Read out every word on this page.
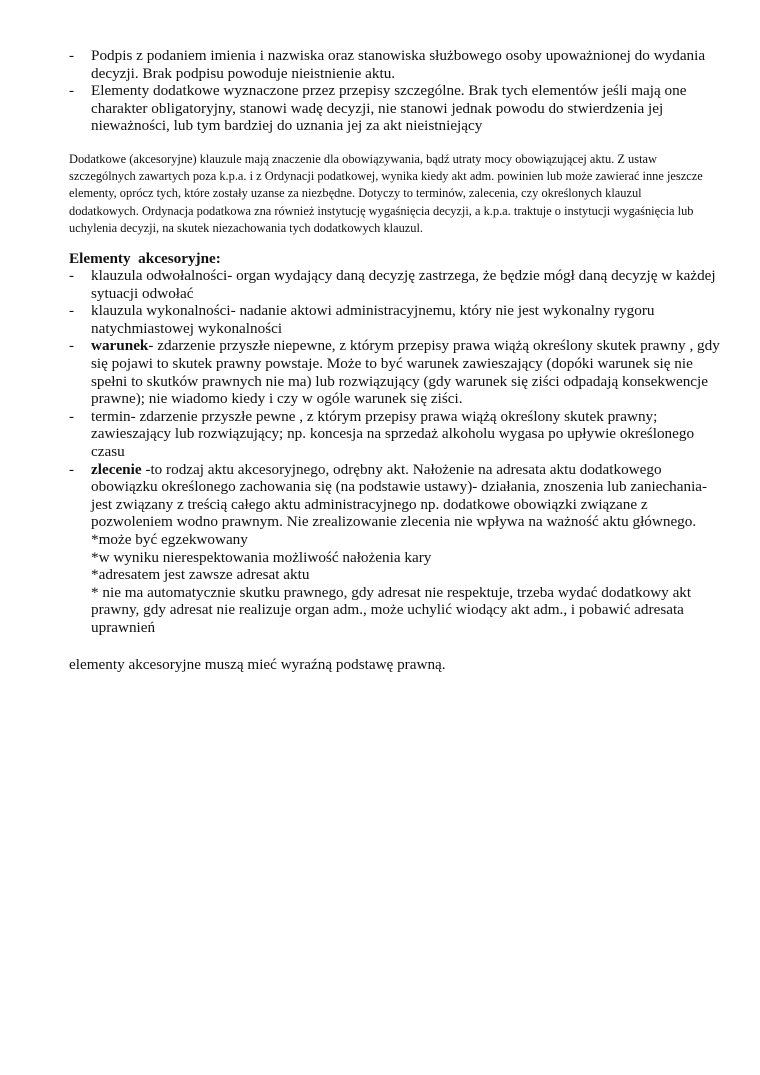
- Podpis z podaniem imienia i nazwiska oraz stanowiska służbowego osoby upoważnionej do wydania decyzji. Brak podpisu powoduje nieistnienie aktu.
- Elementy dodatkowe wyznaczone przez przepisy szczególne. Brak tych elementów jeśli mają one charakter obligatoryjny, stanowi wadę decyzji, nie stanowi jednak powodu do stwierdzenia jej nieważności, lub tym bardziej do uznania jej za akt nieistniejący

Dodatkowe (akcesoryjne) klauzule mają znaczenie dla obowiązywania, bądź utraty mocy obowiązującej aktu. Z ustaw szczególnych zawartych poza k.p.a. i z Ordynacji podatkowej, wynika kiedy akt adm. powinien lub może zawierać inne jeszcze elementy, oprócz tych, które zostały uzanse za niezbędne. Dotyczy to terminów, zalecenia, czy określonych klauzul dodatkowych. Ordynacja podatkowa zna również instytucję wygaśnięcia decyzji, a k.p.a. traktuje o instytucji wygaśnięcia lub uchylenia decyzji, na skutek niezachowania tych dodatkowych klauzul.

Elementy  akcesoryjne:
- klauzula odwołalności- organ wydający daną decyzję zastrzega, że będzie mógł daną decyzję w każdej sytuacji odwołać
- klauzula wykonalności- nadanie aktowi administracyjnemu, który nie jest wykonalny rygoru natychmiastowej wykonalności
- warunek- zdarzenie przyszłe niepewne, z którym przepisy prawa wiążą określony skutek prawny , gdy się pojawi to skutek prawny powstaje. Może to być warunek zawieszający (dopóki warunek się nie spełni to skutków prawnych nie ma) lub rozwiązujący (gdy warunek się ziści odpadają konsekwencje prawne); nie wiadomo kiedy i czy w ogóle warunek się ziści.
- termin- zdarzenie przyszłe pewne , z którym przepisy prawa wiążą określony skutek prawny; zawieszający lub rozwiązujący; np. koncesja na sprzedaż alkoholu wygasa po upływie określonego czasu
- zlecenie -to rodzaj aktu akcesoryjnego, odrębny akt. Nałożenie na adresata aktu dodatkowego obowiązku określonego zachowania się (na podstawie ustawy)- działania, znoszenia lub zaniechania- jest związany z treścią całego aktu administracyjnego np. dodatkowe obowiązki związane z pozwoleniem wodno prawnym. Nie zrealizowanie zlecenia nie wpływa na ważność aktu głównego.
*może być egzekwowany
*w wyniku nierespektowania możliwość nałożenia kary
*adresatem jest zawsze adresat aktu
* nie ma automatycznie skutku prawnego, gdy adresat nie respektuje, trzeba wydać dodatkowy akt prawny, gdy adresat nie realizuje organ adm., może uchylić wiodący akt adm., i pobawić adresata uprawnień

elementy akcesoryjne muszą mieć wyraźną podstawę prawną.
